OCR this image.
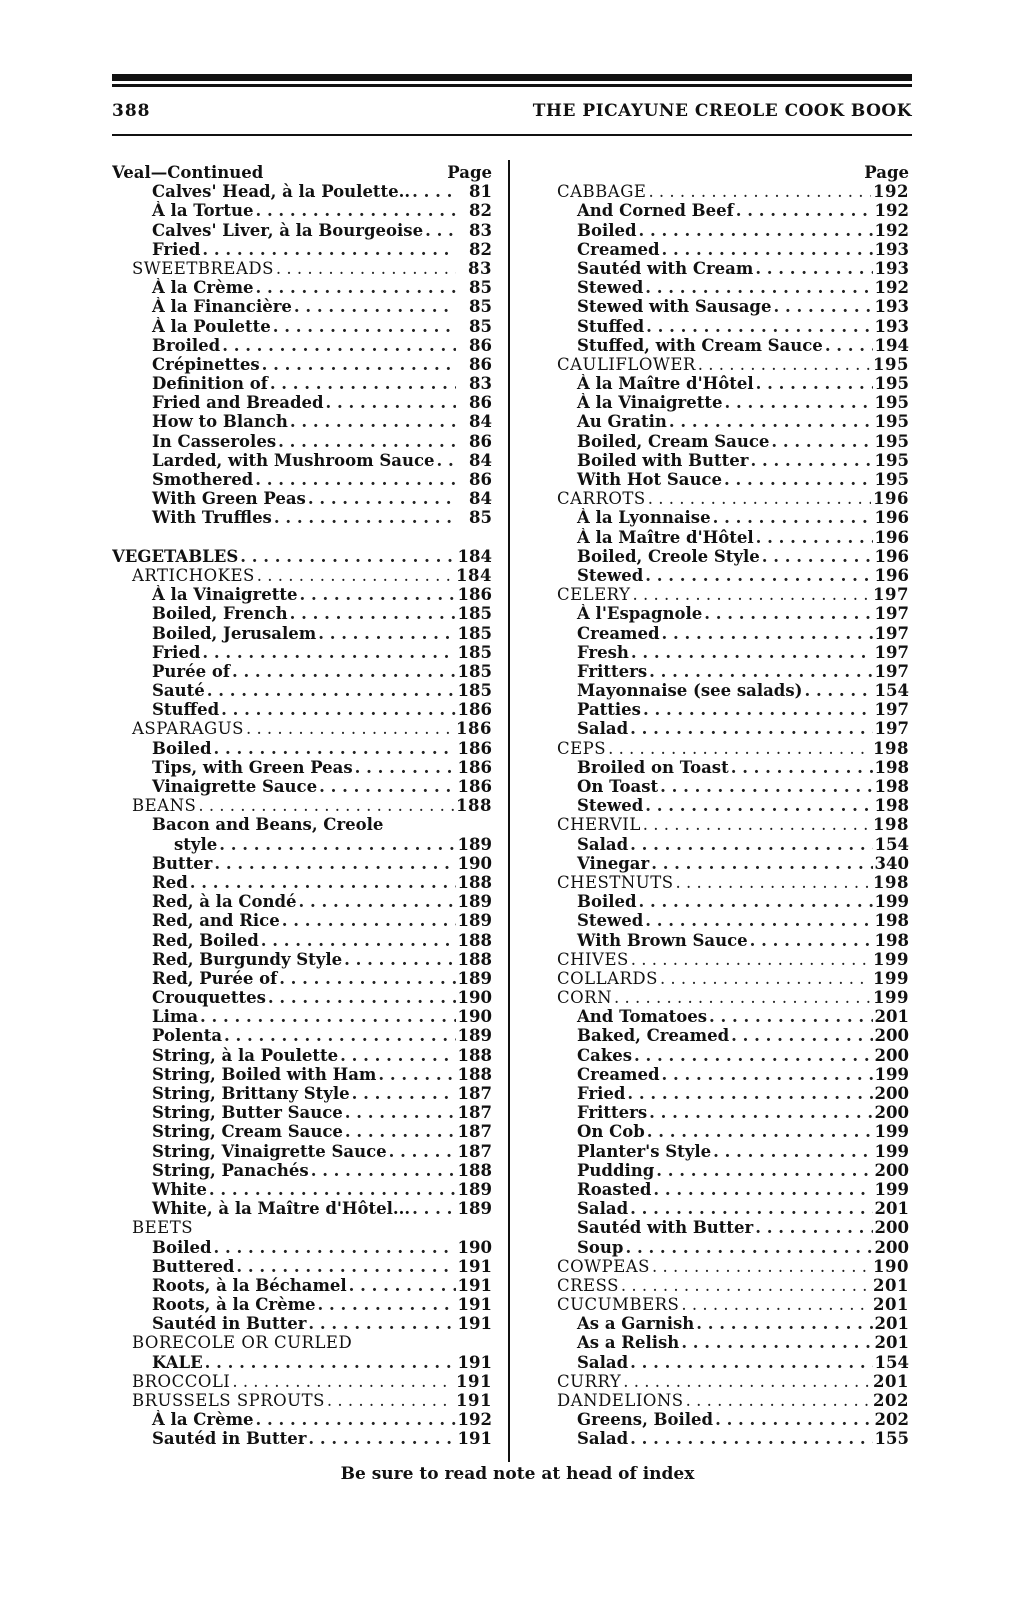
388	THE PICAYUNE CREOLE COOK BOOK
Veal—Continued	Page
Calves' Head, à la Poulette.. . . .	81
À la Tortue . . .	82
Calves' Liver, à la Bourgeoise . . .	83
Fried . . .	82
SWEETBREADS . . .	83
À la Crème . . .	85
À la Financière . . .	85
À la Poulette . . .	85
Broiled . . .	86
Crépinettes . . .	86
Definition of . . .	83
Fried and Breaded . . .	86
How to Blanch . . .	84
In Casseroles . . .	86
Larded, with Mushroom Sauce . . .	84
Smothered . . .	86
With Green Peas . . .	84
With Truffles . . .	85
VEGETABLES . . .	184
ARTICHOKES . . .	184
À la Vinaigrette . . .	186
Boiled, French . . .	185
Boiled, Jerusalem . . .	185
Fried . . .	185
Purée of . . .	185
Sauté . . .	185
Stuffed . . .	186
ASPARAGUS . . .	186
Boiled . . .	186
Tips, with Green Peas . . .	186
Vinaigrette Sauce . . .	186
BEANS . . .	188
Bacon and Beans, Creole
style . . .	189
Butter . . .	190
Red . . .	188
Red, à la Condé . . .	189
Red, and Rice . . .	189
Red, Boiled . . .	188
Red, Burgundy Style . . .	188
Red, Purée of . . .	189
Crouquettes . . .	190
Lima . . .	190
Polenta . . .	189
String, à la Poulette . . .	188
String, Boiled with Ham . . .	188
String, Brittany Style . . .	187
String, Butter Sauce . . .	187
String, Cream Sauce . . .	187
String, Vinaigrette Sauce . . .	187
String, Panachés . . .	188
White . . .	189
White, à la Maître d'Hôtel... . . .	189
BEETS
Boiled . . .	190
Buttered . . .	191
Roots, à la Béchamel . . .	191
Roots, à la Crème . . .	191
Sautéd in Butter . . .	191
BORECOLE OR CURLED
KALE . . .	191
BROCCOLI . . .	191
BRUSSELS SPROUTS . . .	191
À la Crème . . .	192
Sautéd in Butter . . .	191
Page
CABBAGE . . .	192
And Corned Beef . . .	192
Boiled . . .	192
Creamed . . .	193
Sautéd with Cream . . .	193
Stewed . . .	192
Stewed with Sausage . . .	193
Stuffed . . .	193
Stuffed, with Cream Sauce . . .	194
CAULIFLOWER . . .	195
À la Maître d'Hôtel . . .	195
À la Vinaigrette . . .	195
Au Gratin . . .	195
Boiled, Cream Sauce . . .	195
Boiled with Butter . . .	195
With Hot Sauce . . .	195
CARROTS . . .	196
À la Lyonnaise . . .	196
À la Maître d'Hôtel . . .	196
Boiled, Creole Style . . .	196
Stewed . . .	196
CELERY . . .	197
À l'Espagnole . . .	197
Creamed . . .	197
Fresh . . .	197
Fritters . . .	197
Mayonnaise (see salads) . . .	154
Patties . . .	197
Salad . . .	197
CEPS . . .	198
Broiled on Toast . . .	198
On Toast . . .	198
Stewed . . .	198
CHERVIL . . .	198
Salad . . .	154
Vinegar . . .	340
CHESTNUTS . . .	198
Boiled . . .	199
Stewed . . .	198
With Brown Sauce . . .	198
CHIVES . . .	199
COLLARDS . . .	199
CORN . . .	199
And Tomatoes . . .	201
Baked, Creamed . . .	200
Cakes . . .	200
Creamed . . .	199
Fried . . .	200
Fritters . . .	200
On Cob . . .	199
Planter's Style . . .	199
Pudding . . .	200
Roasted . . .	199
Salad . . .	201
Sautéd with Butter . . .	200
Soup . . .	200
COWPEAS . . .	190
CRESS . . .	201
CUCUMBERS . . .	201
As a Garnish . . .	201
As a Relish . . .	201
Salad . . .	154
CURRY . . .	201
DANDELIONS . . .	202
Greens, Boiled . . .	202
Salad . . .	155
Be sure to read note at head of index
